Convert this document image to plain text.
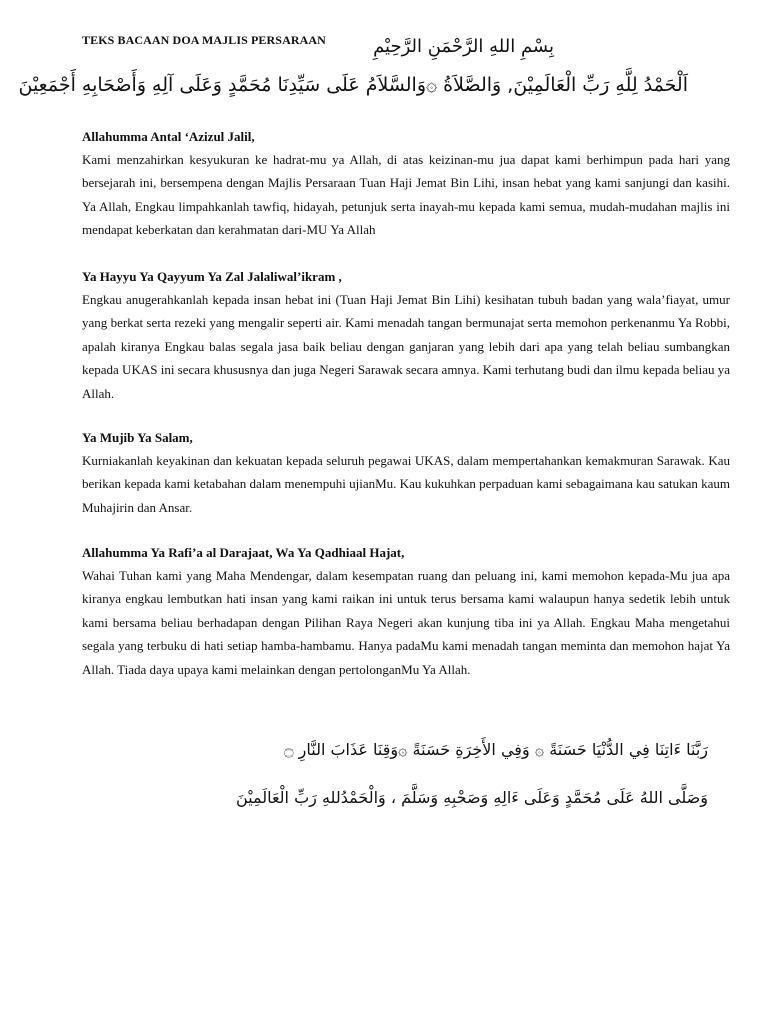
TEKS BACAAN DOA MAJLIS PERSARAAN	بِسْمِ اللهِ الرَّحْمَنِ الرَّحِيْمِ
اَلْحَمْدُ لِلَّهِ رَبِّ الْعَالَمِيْنَ, وَالصَّلاَةُ ۞وَالسَّلاَمُ عَلَى سَيِّدِنَا مُحَمَّدٍ وَعَلَى آلِهِ وَأَصْحَابِهِ أَجْمَعِيْنَ

Allahumma Antal ‘Azizul Jalil,

Kami menzahirkan kesyukuran ke hadrat-mu ya Allah, di atas keizinan-mu jua dapat kami berhimpun pada hari yang bersejarah ini, bersempena dengan Majlis Persaraan Tuan Haji Jemat Bin Lihi, insan hebat yang kami sanjungi dan kasihi. Ya Allah, Engkau limpahkanlah tawfiq, hidayah, petunjuk serta inayah-mu kepada kami semua, mudah-mudahan majlis ini mendapat keberkatan dan kerahmatan dari-MU Ya Allah

Ya Hayyu Ya Qayyum Ya Zal Jalaliwal’ikram ,

Engkau anugerahkanlah kepada insan hebat ini (Tuan Haji Jemat Bin Lihi) kesihatan tubuh badan yang wala’fiayat, umur yang berkat serta rezeki yang mengalir seperti air. Kami menadah tangan bermunajat serta memohon perkenanmu Ya Robbi, apalah kiranya Engkau balas segala jasa baik beliau dengan ganjaran yang lebih dari apa yang telah beliau sumbangkan kepada UKAS ini secara khususnya dan juga Negeri Sarawak secara amnya. Kami terhutang budi dan ilmu kepada beliau ya Allah.

Ya Mujib Ya Salam,

Kurniakanlah keyakinan dan kekuatan kepada seluruh pegawai UKAS, dalam mempertahankan kemakmuran Sarawak. Kau berikan kepada kami ketabahan dalam menempuhi ujianMu. Kau kukuhkan perpaduan kami sebagaimana kau satukan kaum Muhajirin dan Ansar.

Allahumma Ya Rafi’a al Darajaat, Wa Ya Qadhiaal Hajat,

Wahai Tuhan kami yang Maha Mendengar, dalam kesempatan ruang dan peluang ini, kami memohon kepada-Mu jua apa kiranya engkau lembutkan hati insan yang kami raikan ini untuk terus bersama kami walaupun hanya sedetik lebih untuk kami bersama beliau berhadapan dengan Pilihan Raya Negeri akan kunjung tiba ini ya Allah. Engkau Maha mengetahui segala yang terbuku di hati setiap hamba-hambamu. Hanya padaMu kami menadah tangan meminta dan memohon hajat Ya Allah. Tiada daya upaya kami melainkan dengan pertolonganMu Ya Allah.

رَبَّنَا ءَاتِنَا فِي الدُّنْيَا حَسَنَةً ۞ وَفِي الأَخِرَةِ حَسَنَةً ۞وَقِنَا عَذَابَ النَّارِ ۝
وَصَلَّى اللهُ عَلَى مُحَمَّدٍ وَعَلَى ءَالِهِ وَصَحْبِهِ وَسَلَّمَ ، وَالْحَمْدُللهِ رَبِّ الْعَالَمِيْنَ
